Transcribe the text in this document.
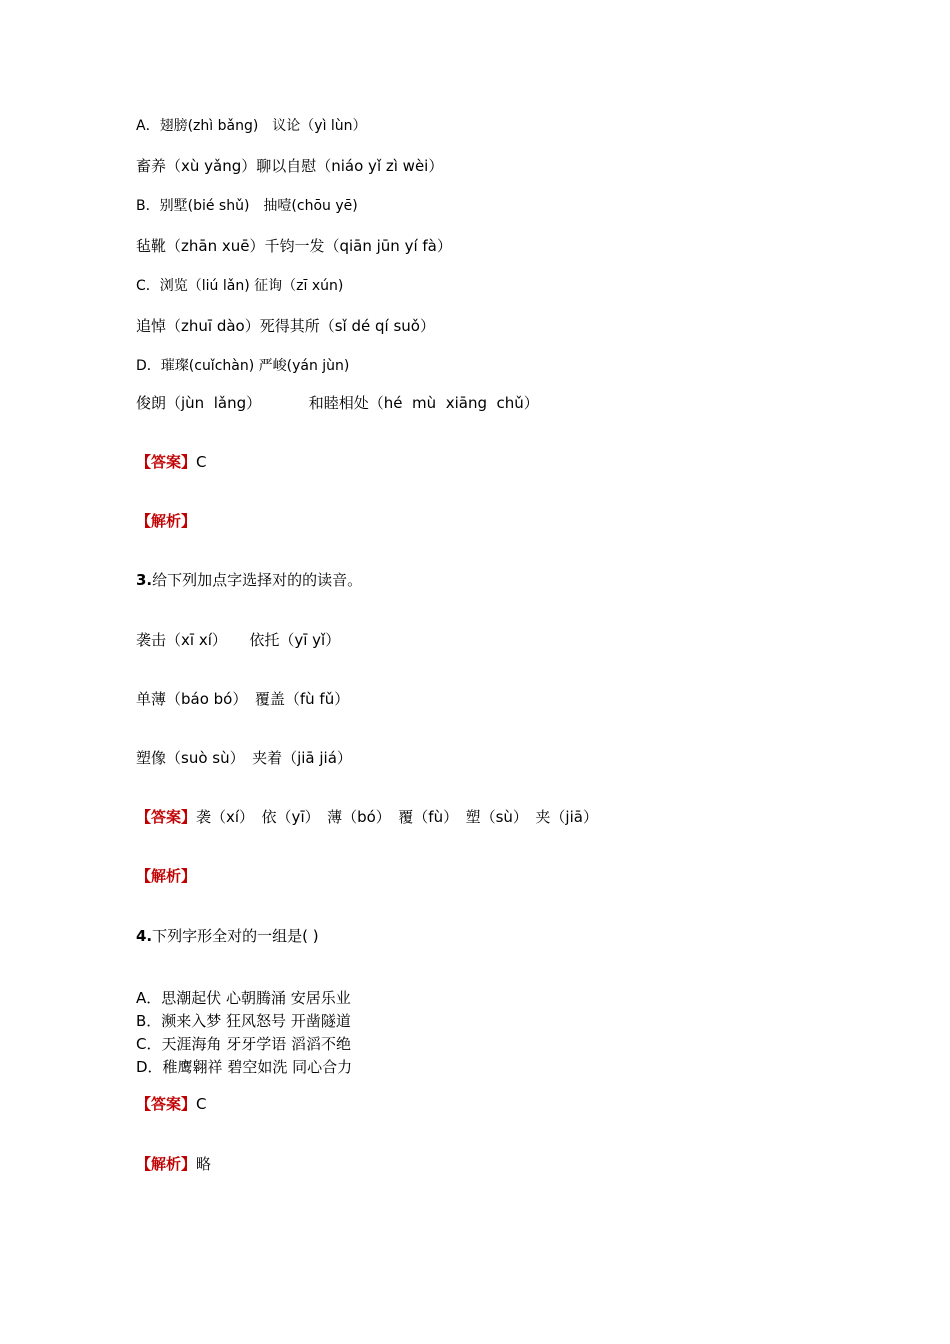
A．翅膀(zhì bǎng)　议论（yì lùn）
畜养（xù yǎng）聊以自慰（niáo yǐ zì wèi）
B．别墅(bié shǔ)　抽噎(chōu yē)
毡靴（zhān xuē）千钧一发（qiān jūn yí fà）
C．浏览（liú lǎn) 征询（zī xún)
追悼（zhuī dào）死得其所（sǐ dé qí suǒ）
D．璀璨(cuǐchàn) 严峻(yán jùn)
俊朗（jùn  lǎng）          和睦相处（hé  mù  xiāng  chǔ）
【答案】C
【解析】
3.给下列加点字选择对的的读音。
袭击（xī xí）　　依托（yī yǐ）
单薄（báo bó）　覆盖（fù fǔ）
塑像（suò sù）　夹着（jiā jiá）
【答案】袭（xí）　依（yī）　薄（bó）　覆（fù）　塑（sù）　夹（jiā）
【解析】
4.下列字形全对的一组是( )
A．思潮起伏 心朝腾涌 安居乐业
B．濒来入梦 狂风怒号 开凿隧道
C．天涯海角 牙牙学语 滔滔不绝
D．稚鹰翱祥 碧空如洗 同心合力
【答案】C
【解析】略
